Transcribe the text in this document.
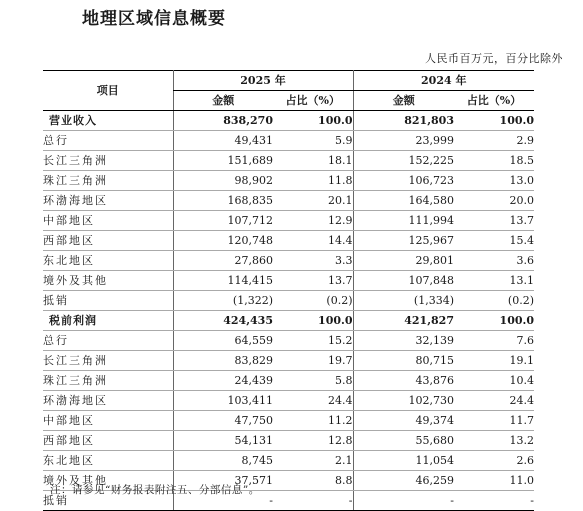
地理区域信息概要
人民币百万元，百分比除外
项目	2025 年		2024 年	
	金额	占比（%）	金额	占比（%）
营业收入	838,270	100.0	821,803	100.0
总行	49,431	5.9	23,999	2.9
长江三角洲	151,689	18.1	152,225	18.5
珠江三角洲	98,902	11.8	106,723	13.0
环渤海地区	168,835	20.1	164,580	20.0
中部地区	107,712	12.9	111,994	13.7
西部地区	120,748	14.4	125,967	15.4
东北地区	27,860	3.3	29,801	3.6
境外及其他	114,415	13.7	107,848	13.1
抵销	(1,322)	(0.2)	(1,334)	(0.2)
税前利润	424,435	100.0	421,827	100.0
总行	64,559	15.2	32,139	7.6
长江三角洲	83,829	19.7	80,715	19.1
珠江三角洲	24,439	5.8	43,876	10.4
环渤海地区	103,411	24.4	102,730	24.4
中部地区	47,750	11.2	49,374	11.7
西部地区	54,131	12.8	55,680	13.2
东北地区	8,745	2.1	11,054	2.6
境外及其他	37,571	8.8	46,259	11.0
抵销	-	-	-	-
注：请参见“财务报表附注五、分部信息”。
